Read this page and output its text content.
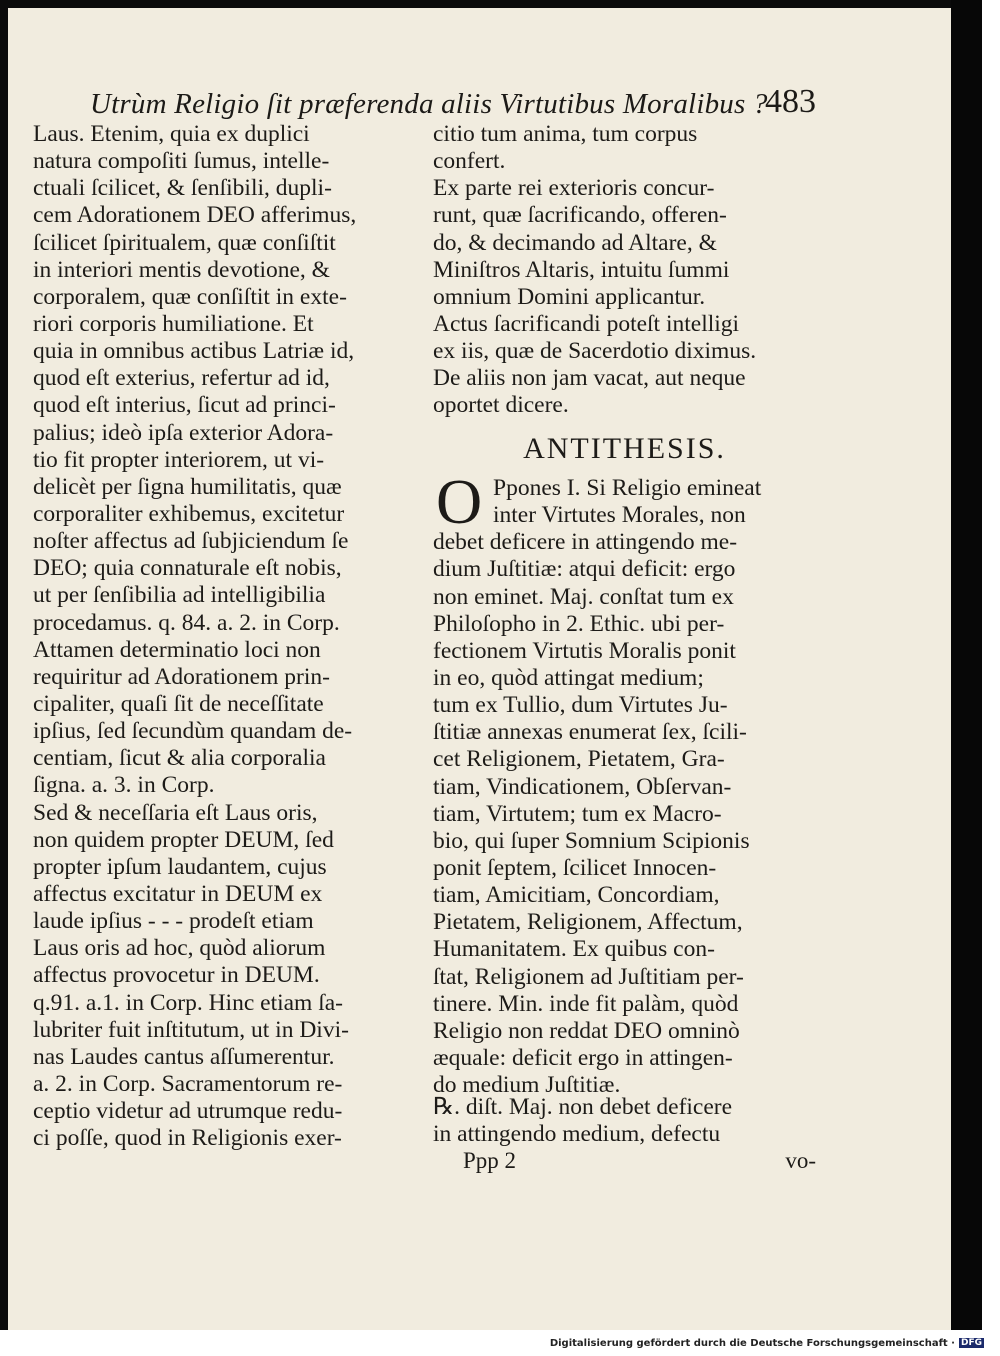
Utrùm Religio ſit præferenda aliis Virtutibus Moralibus ?
483
Laus. Etenim, quia ex duplici
natura compoſiti ſumus, intelle-
ctuali ſcilicet, & ſenſibili, dupli-
cem Adorationem DEO afferimus,
ſcilicet ſpiritualem, quæ conſiſtit
in interiori mentis devotione, &
corporalem, quæ conſiſtit in exte-
riori corporis humiliatione. Et
quia in omnibus actibus Latriæ id,
quod eſt exterius, refertur ad id,
quod eſt interius, ſicut ad princi-
palius; ideò ipſa exterior Adora-
tio fit propter interiorem, ut vi-
delicèt per ſigna humilitatis, quæ
corporaliter exhibemus, excitetur
noſter affectus ad ſubjiciendum ſe
DEO; quia connaturale eſt nobis,
ut per ſenſibilia ad intelligibilia
procedamus. q. 84. a. 2. in Corp.
Attamen determinatio loci non
requiritur ad Adorationem prin-
cipaliter, quaſi ſit de neceſſitate
ipſius, ſed ſecundùm quandam de-
centiam, ſicut & alia corporalia
ſigna. a. 3. in Corp.
Sed & neceſſaria eſt Laus oris,
non quidem propter DEUM, ſed
propter ipſum laudantem, cujus
affectus excitatur in DEUM ex
laude ipſius - - - prodeſt etiam
Laus oris ad hoc, quòd aliorum
affectus provocetur in DEUM.
q.91. a.1. in Corp. Hinc etiam ſa-
lubriter fuit inſtitutum, ut in Divi-
nas Laudes cantus aſſumerentur.
a. 2. in Corp. Sacramentorum re-
ceptio videtur ad utrumque redu-
ci poſſe, quod in Religionis exer-
citio tum anima, tum corpus
confert.
Ex parte rei exterioris concur-
runt, quæ ſacrificando, offeren-
do, & decimando ad Altare, &
Miniſtros Altaris, intuitu ſummi
omnium Domini applicantur.
Actus ſacrificandi poteſt intelligi
ex iis, quæ de Sacerdotio diximus.
De aliis non jam vacat, aut neque
oportet dicere.
ANTITHESIS.
O Ppones I. Si Religio emineat
inter Virtutes Morales, non
debet deficere in attingendo me-
dium Juſtitiæ: atqui deficit: ergo
non eminet. Maj. conſtat tum ex
Philoſopho in 2. Ethic. ubi per-
fectionem Virtutis Moralis ponit
in eo, quòd attingat medium;
tum ex Tullio, dum Virtutes Ju-
ſtitiæ annexas enumerat ſex, ſcili-
cet Religionem, Pietatem, Gra-
tiam, Vindicationem, Obſervan-
tiam, Virtutem; tum ex Macro-
bio, qui ſuper Somnium Scipionis
ponit ſeptem, ſcilicet Innocen-
tiam, Amicitiam, Concordiam,
Pietatem, Religionem, Affectum,
Humanitatem. Ex quibus con-
ſtat, Religionem ad Juſtitiam per-
tinere. Min. inde fit palàm, quòd
Religio non reddat DEO omninò
æquale: deficit ergo in attingen-
do medium Juſtitiæ.
℞. diſt. Maj. non debet deficere
in attingendo medium, defectu
Ppp 2	vo-
Digitalisierung gefördert durch die Deutsche Forschungsgemeinschaft · DFG
